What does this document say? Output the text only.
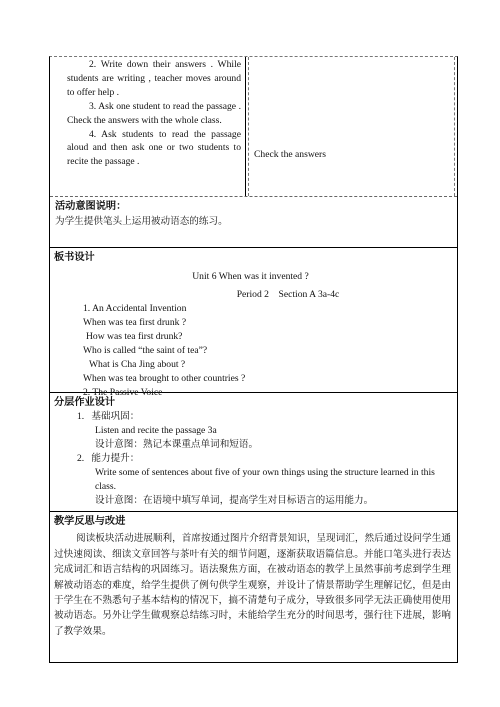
2. Write down their answers . While students are writing , teacher moves around to offer help .

3. Ask one student to read the passage . Check the answers with the whole class.

4. Ask students to read the passage aloud and then ask one or two students to recite the passage .

Check the answers
活动意图说明：
为学生提供笔头上运用被动语态的练习。
板书设计
Unit 6 When was it invented ?
Period 2    Section A 3a-4c
1. An Accidental Invention
When was tea first drunk ?
How was tea first drunk?
Who is called “the saint of tea”?
What is Cha Jing about ?
When was tea brought to other countries ?
2. The Passive Voice
分层作业设计
1.   基础巩固：
Listen and recite the passage 3a
设计意图：熟记本课重点单词和短语。
2.   能力提升：
Write some of sentences about five of your own things using the structure learned in this class.
设计意图：在语境中填写单词，提高学生对目标语言的运用能力。
教学反思与改进
阅读板块活动进展顺利，首席按通过图片介绍背景知识，呈现词汇，然后通过设问学生通过快速阅读、细读文章回答与茶叶有关的细节问题，逐渐获取语篇信息。并能口笔头进行表达完成词汇和语言结构的巩固练习。语法聚焦方面，在被动语态的教学上虽然事前考虑到学生理解被动语态的难度，给学生提供了例句供学生观察，并设计了情景帮助学生理解记忆，但是由于学生在不熟悉句子基本结构的情况下，搞不清楚句子成分，导致很多同学无法正确使用使用被动语态。另外让学生做观察总结练习时，未能给学生充分的时间思考，强行往下进展，影响了教学效果。
